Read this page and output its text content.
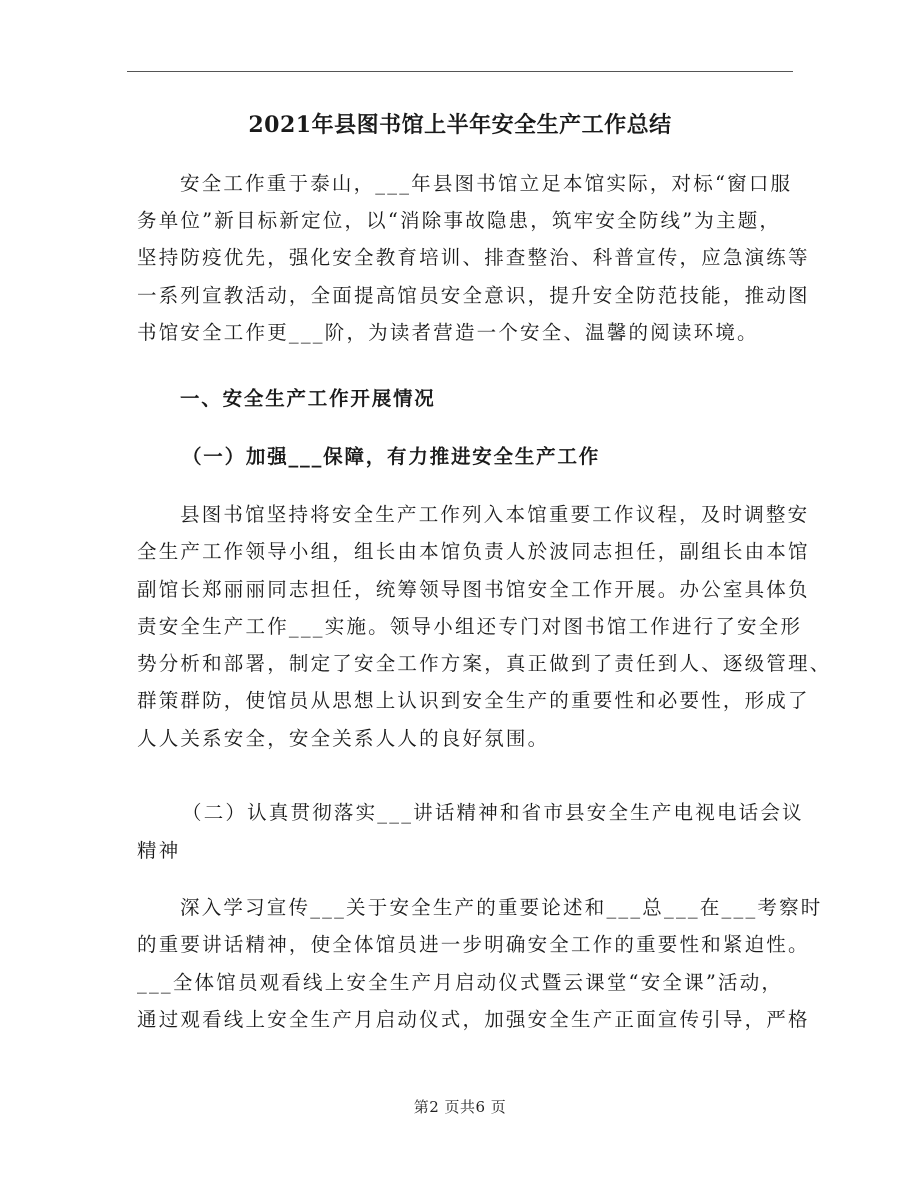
2021年县图书馆上半年安全生产工作总结
安全工作重于泰山，___年县图书馆立足本馆实际，对标“窗口服
务单位”新目标新定位，以“消除事故隐患，筑牢安全防线”为主题，
坚持防疫优先，强化安全教育培训、排查整治、科普宣传，应急演练等
一系列宣教活动，全面提高馆员安全意识，提升安全防范技能，推动图
书馆安全工作更___阶，为读者营造一个安全、温馨的阅读环境。
一、安全生产工作开展情况
（一）加强___保障，有力推进安全生产工作
县图书馆坚持将安全生产工作列入本馆重要工作议程，及时调整安
全生产工作领导小组，组长由本馆负责人於波同志担任，副组长由本馆
副馆长郑丽丽同志担任，统筹领导图书馆安全工作开展。办公室具体负
责安全生产工作___实施。领导小组还专门对图书馆工作进行了安全形
势分析和部署，制定了安全工作方案，真正做到了责任到人、逐级管理、
群策群防，使馆员从思想上认识到安全生产的重要性和必要性，形成了
人人关系安全，安全关系人人的良好氛围。
（二）认真贯彻落实___讲话精神和省市县安全生产电视电话会议
精神
深入学习宣传___关于安全生产的重要论述和___总___在___考察时
的重要讲话精神，使全体馆员进一步明确安全工作的重要性和紧迫性。
___全体馆员观看线上安全生产月启动仪式暨云课堂“安全课”活动，
通过观看线上安全生产月启动仪式，加强安全生产正面宣传引导，严格
第2 页共6 页
